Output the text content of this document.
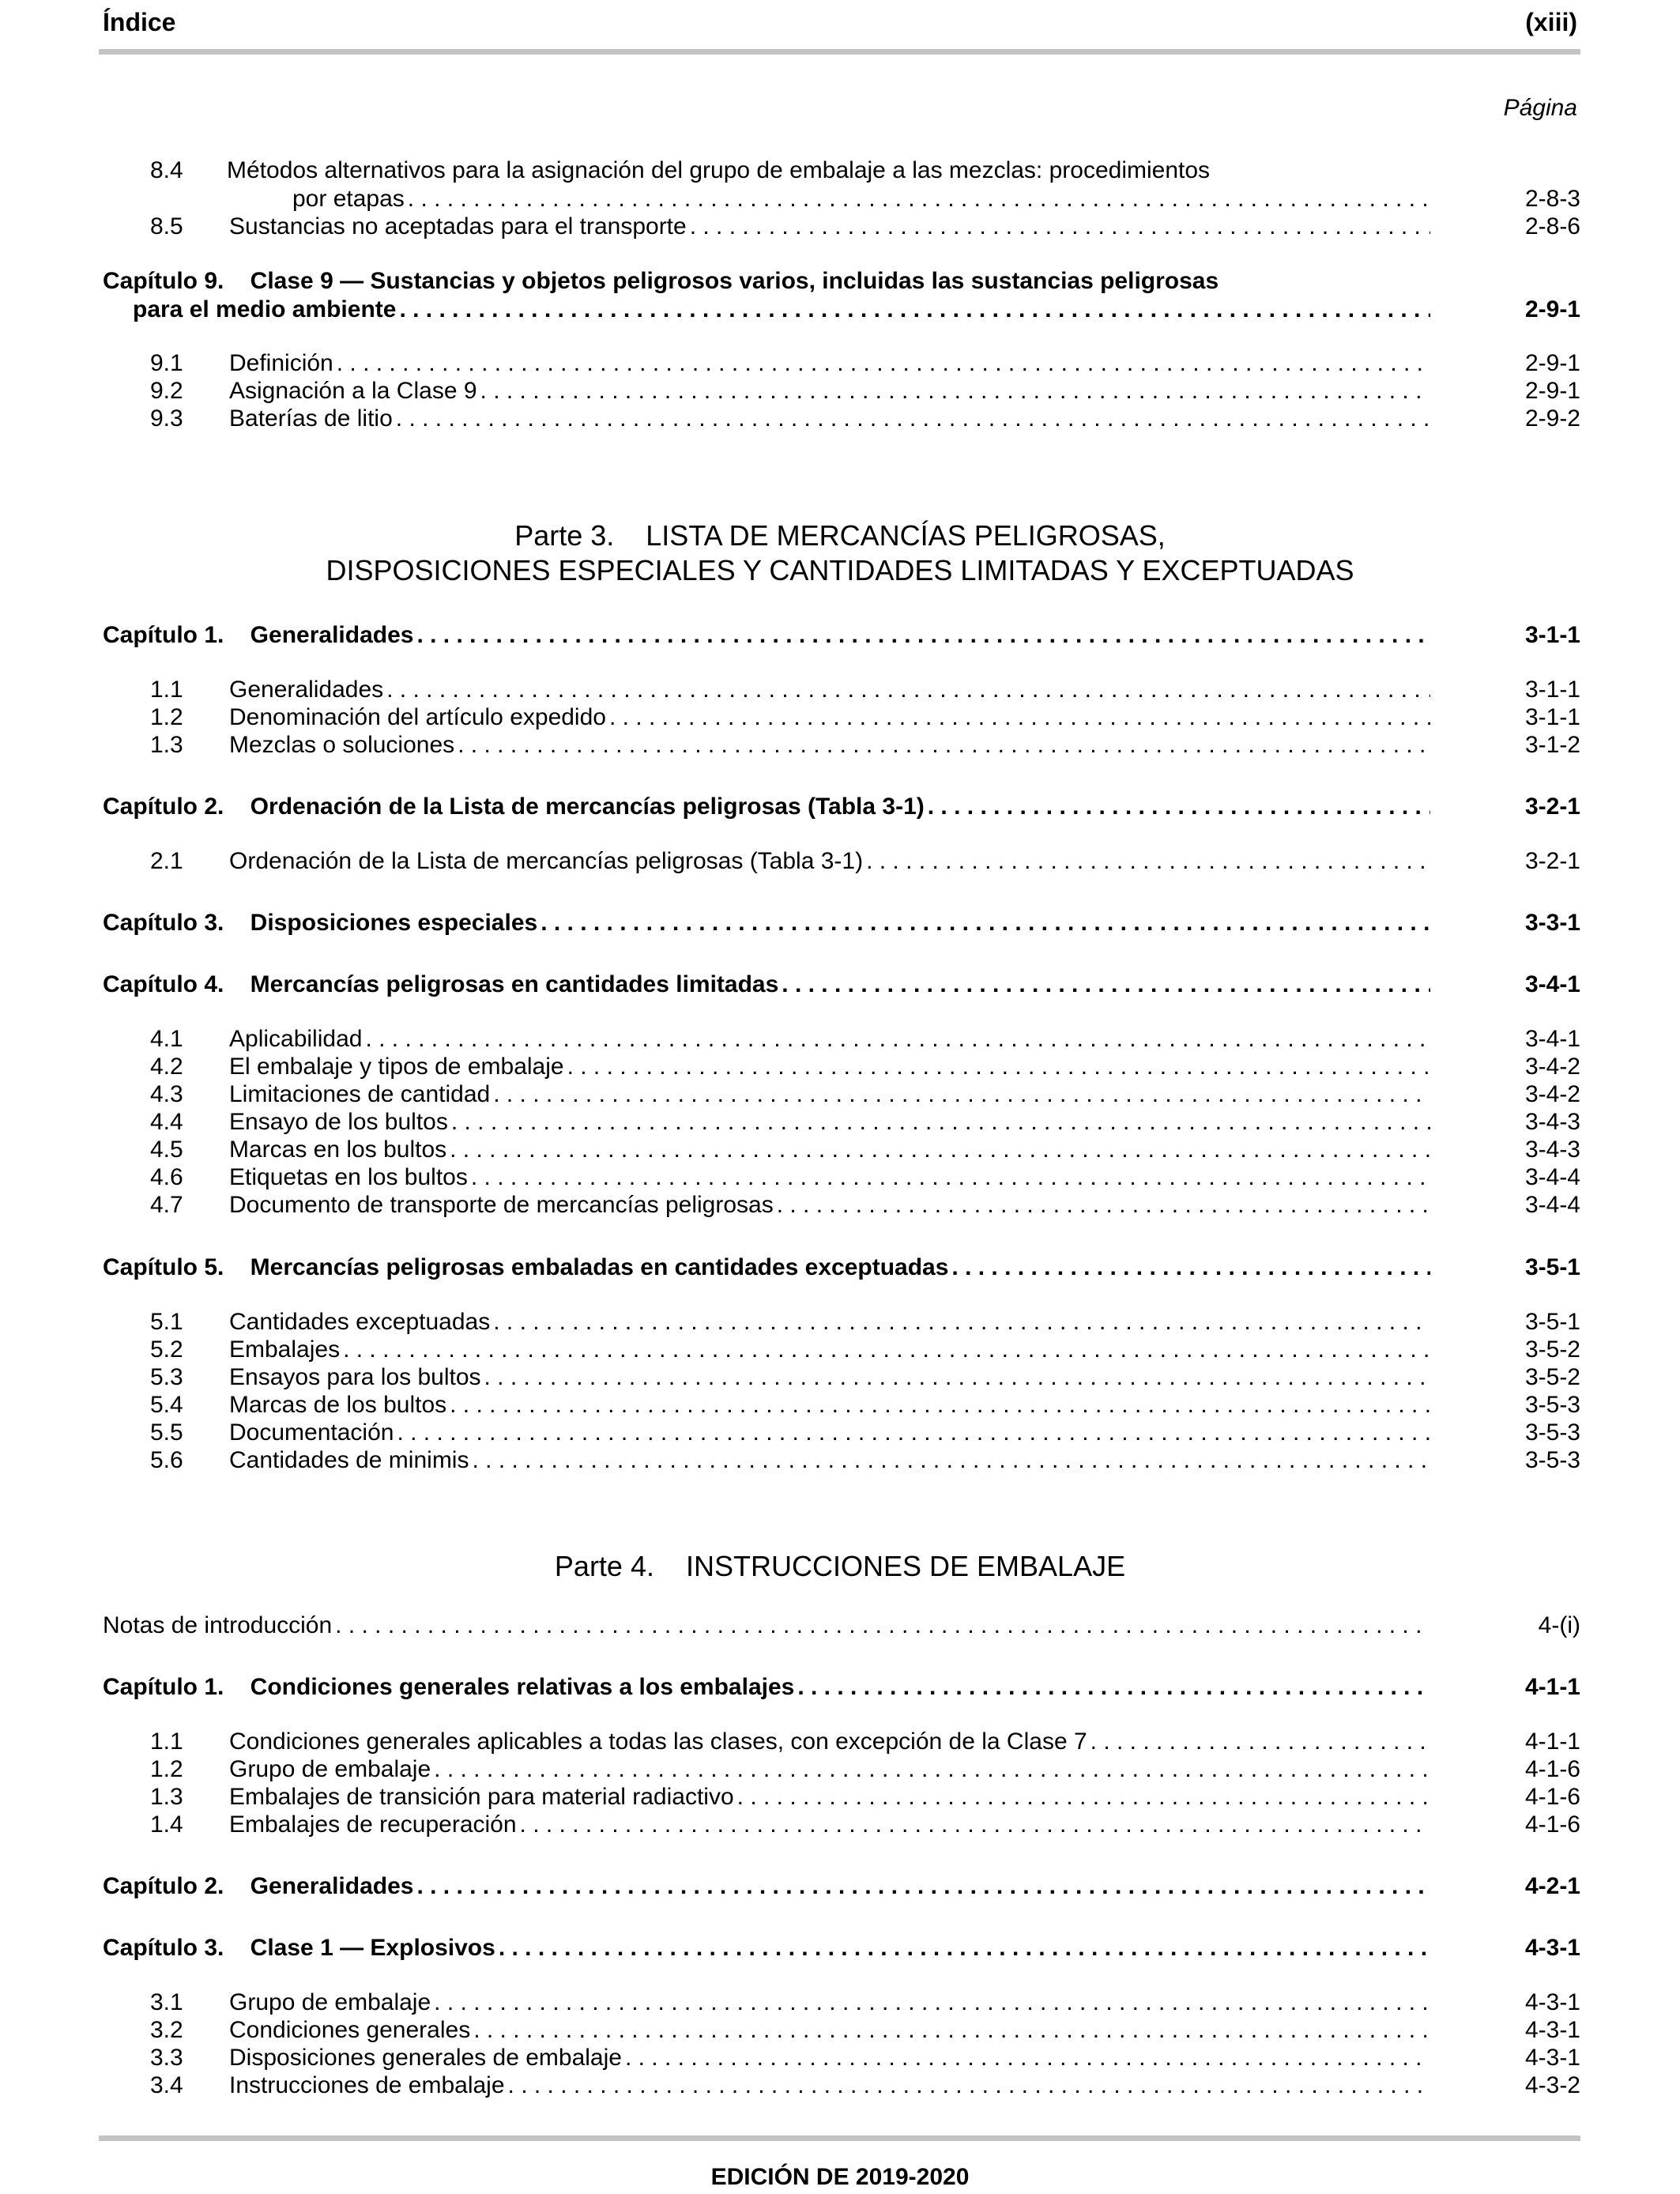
Índice	(xiii)
Página
8.4 Métodos alternativos para la asignación del grupo de embalaje a las mezclas: procedimientos
por etapas . . .	2-8-3
8.5	Sustancias no aceptadas para el transporte . . .	2-8-6
Capítulo 9.    Clase 9 — Sustancias y objetos peligrosos varios, incluidas las sustancias peligrosas
para el medio ambiente . . .	2-9-1
9.1	Definición . . .	2-9-1
9.2	Asignación a la Clase 9 . . .	2-9-1
9.3	Baterías de litio . . .	2-9-2
Parte 3.    LISTA DE MERCANCÍAS PELIGROSAS,
DISPOSICIONES ESPECIALES Y CANTIDADES LIMITADAS Y EXCEPTUADAS
Capítulo 1.    Generalidades . . .	3-1-1
1.1	Generalidades . . .	3-1-1
1.2	Denominación del artículo expedido . . .	3-1-1
1.3	Mezclas o soluciones . . .	3-1-2
Capítulo 2.    Ordenación de la Lista de mercancías peligrosas (Tabla 3-1) . . .	3-2-1
2.1	Ordenación de la Lista de mercancías peligrosas (Tabla 3-1) . . .	3-2-1
Capítulo 3.    Disposiciones especiales . . .	3-3-1
Capítulo 4.    Mercancías peligrosas en cantidades limitadas . . .	3-4-1
4.1	Aplicabilidad . . .	3-4-1
4.2	El embalaje y tipos de embalaje . . .	3-4-2
4.3	Limitaciones de cantidad . . .	3-4-2
4.4	Ensayo de los bultos . . .	3-4-3
4.5	Marcas en los bultos . . .	3-4-3
4.6	Etiquetas en los bultos . . .	3-4-4
4.7	Documento de transporte de mercancías peligrosas . . .	3-4-4
Capítulo 5.    Mercancías peligrosas embaladas en cantidades exceptuadas . . .	3-5-1
5.1	Cantidades exceptuadas . . .	3-5-1
5.2	Embalajes . . .	3-5-2
5.3	Ensayos para los bultos . . .	3-5-2
5.4	Marcas de los bultos . . .	3-5-3
5.5	Documentación . . .	3-5-3
5.6	Cantidades de minimis . . .	3-5-3
Parte 4.    INSTRUCCIONES DE EMBALAJE
Notas de introducción . . .	4-(i)
Capítulo 1.    Condiciones generales relativas a los embalajes . . .	4-1-1
1.1	Condiciones generales aplicables a todas las clases, con excepción de la Clase 7 . . .	4-1-1
1.2	Grupo de embalaje . . .	4-1-6
1.3	Embalajes de transición para material radiactivo . . .	4-1-6
1.4	Embalajes de recuperación . . .	4-1-6
Capítulo 2.    Generalidades . . .	4-2-1
Capítulo 3.    Clase 1 — Explosivos . . .	4-3-1
3.1	Grupo de embalaje . . .	4-3-1
3.2	Condiciones generales . . .	4-3-1
3.3	Disposiciones generales de embalaje . . .	4-3-1
3.4	Instrucciones de embalaje . . .	4-3-2
EDICIÓN DE 2019-2020
